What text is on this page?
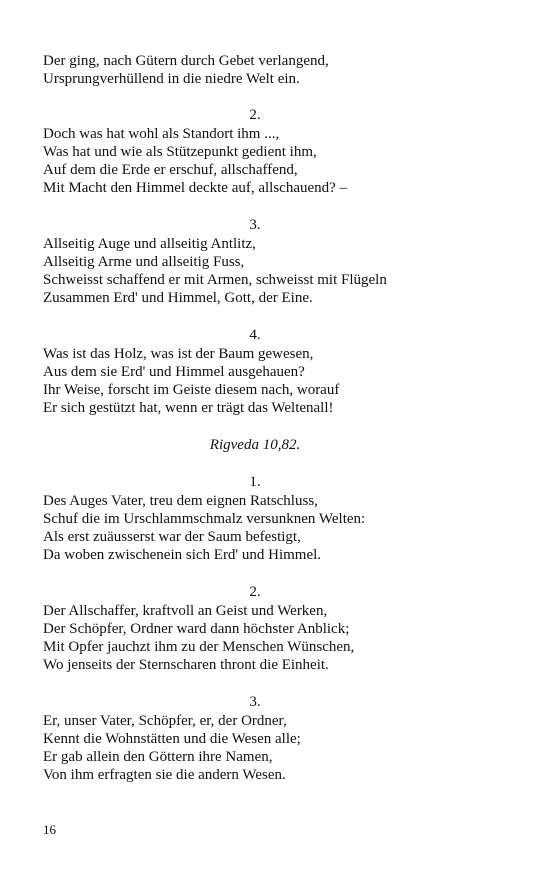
Der ging, nach Gütern durch Gebet verlangend,
Ursprungverhüllend in die niedre Welt ein.
2.
Doch was hat wohl als Standort ihm ...,
Was hat und wie als Stützepunkt gedient ihm,
Auf dem die Erde er erschuf, allschaffend,
Mit Macht den Himmel deckte auf, allschauend? –
3.
Allseitig Auge und allseitig Antlitz,
Allseitig Arme und allseitig Fuss,
Schweisst schaffend er mit Armen, schweisst mit Flügeln
Zusammen Erd' und Himmel, Gott, der Eine.
4.
Was ist das Holz, was ist der Baum gewesen,
Aus dem sie Erd' und Himmel ausgehauen?
Ihr Weise, forscht im Geiste diesem nach, worauf
Er sich gestützt hat, wenn er trägt das Weltenall!
Rigveda 10,82.
1.
Des Auges Vater, treu dem eignen Ratschluss,
Schuf die im Urschlammschmalz versunknen Welten:
Als erst zuäusserst war der Saum befestigt,
Da woben zwischenein sich Erd' und Himmel.
2.
Der Allschaffer, kraftvoll an Geist und Werken,
Der Schöpfer, Ordner ward dann höchster Anblick;
Mit Opfer jauchzt ihm zu der Menschen Wünschen,
Wo jenseits der Sternscharen thront die Einheit.
3.
Er, unser Vater, Schöpfer, er, der Ordner,
Kennt die Wohnstätten und die Wesen alle;
Er gab allein den Göttern ihre Namen,
Von ihm erfragten sie die andern Wesen.
16
